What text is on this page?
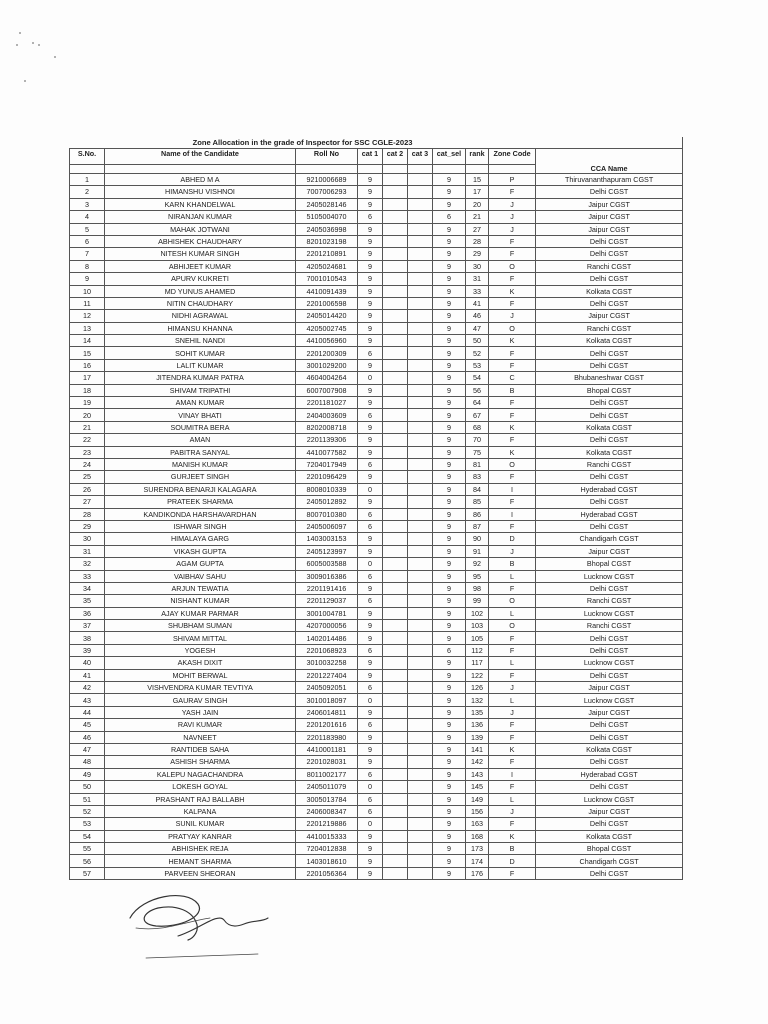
Zone Allocation in the grade of Inspector for SSC CGLE-2023									
S.No.	Name of the Candidate	Roll No	cat 1	cat 2	cat 3	cat_sel	rank	Zone Code	CCA Name

1	ABHED M A	9210006689	9			9	15	P	Thiruvananthapuram CGST
2	HIMANSHU VISHNOI	7007006293	9			9	17	F	Delhi CGST
3	KARN KHANDELWAL	2405028146	9			9	20	J	Jaipur CGST
4	NIRANJAN KUMAR	5105004070	6			6	21	J	Jaipur CGST
5	MAHAK JOTWANI	2405036998	9			9	27	J	Jaipur CGST
6	ABHISHEK CHAUDHARY	8201023198	9			9	28	F	Delhi CGST
7	NITESH KUMAR SINGH	2201210891	9			9	29	F	Delhi CGST
8	ABHIJEET KUMAR	4205024681	9			9	30	O	Ranchi CGST
9	APURV KUKRETI	7001010543	9			9	31	F	Delhi CGST
10	MD YUNUS AHAMED	4410091439	9			9	33	K	Kolkata CGST
11	NITIN CHAUDHARY	2201006598	9			9	41	F	Delhi CGST
12	NIDHI AGRAWAL	2405014420	9			9	46	J	Jaipur CGST
13	HIMANSU KHANNA	4205002745	9			9	47	O	Ranchi CGST
14	SNEHIL NANDI	4410056960	9			9	50	K	Kolkata CGST
15	SOHIT KUMAR	2201200309	6			9	52	F	Delhi CGST
16	LALIT KUMAR	3001029200	9			9	53	F	Delhi CGST
17	JITENDRA KUMAR PATRA	4604004264	0			9	54	C	Bhubaneshwar CGST
18	SHIVAM TRIPATHI	6007007908	9			9	56	B	Bhopal CGST
19	AMAN KUMAR	2201181027	9			9	64	F	Delhi CGST
20	VINAY BHATI	2404003609	6			9	67	F	Delhi CGST
21	SOUMITRA BERA	8202008718	9			9	68	K	Kolkata CGST
22	AMAN	2201139306	9			9	70	F	Delhi CGST
23	PABITRA SANYAL	4410077582	9			9	75	K	Kolkata CGST
24	MANISH KUMAR	7204017949	6			9	81	O	Ranchi CGST
25	GURJEET SINGH	2201096429	9			9	83	F	Delhi CGST
26	SURENDRA BENARJI KALAGARA	8008010339	0			9	84	I	Hyderabad CGST
27	PRATEEK SHARMA	2405012892	9			9	85	F	Delhi CGST
28	KANDIKONDA HARSHAVARDHAN	8007010380	6			9	86	I	Hyderabad CGST
29	ISHWAR SINGH	2405006097	6			9	87	F	Delhi CGST
30	HIMALAYA GARG	1403003153	9			9	90	D	Chandigarh CGST
31	VIKASH GUPTA	2405123997	9			9	91	J	Jaipur CGST
32	AGAM GUPTA	6005003588	0			9	92	B	Bhopal CGST
33	VAIBHAV SAHU	3009016386	6			9	95	L	Lucknow CGST
34	ARJUN TEWATIA	2201191416	9			9	98	F	Delhi CGST
35	NISHANT KUMAR	2201129037	6			9	99	O	Ranchi CGST
36	AJAY KUMAR PARMAR	3001004781	9			9	102	L	Lucknow CGST
37	SHUBHAM SUMAN	4207000056	9			9	103	O	Ranchi CGST
38	SHIVAM MITTAL	1402014486	9			9	105	F	Delhi CGST
39	YOGESH	2201068923	6			6	112	F	Delhi CGST
40	AKASH DIXIT	3010032258	9			9	117	L	Lucknow CGST
41	MOHIT BERWAL	2201227404	9			9	122	F	Delhi CGST
42	VISHVENDRA KUMAR TEVTIYA	2405092051	6			9	126	J	Jaipur CGST
43	GAURAV SINGH	3010018097	0			9	132	L	Lucknow CGST
44	YASH JAIN	2406014811	9			9	135	J	Jaipur CGST
45	RAVI KUMAR	2201201616	6			9	136	F	Delhi CGST
46	NAVNEET	2201183980	9			9	139	F	Delhi CGST
47	RANTIDEB SAHA	4410001181	9			9	141	K	Kolkata CGST
48	ASHISH SHARMA	2201028031	9			9	142	F	Delhi CGST
49	KALEPU NAGACHANDRA	8011002177	6			9	143	I	Hyderabad CGST
50	LOKESH GOYAL	2405011079	0			9	145	F	Delhi CGST
51	PRASHANT RAJ BALLABH	3005013784	6			9	149	L	Lucknow CGST
52	KALPANA	2406008347	6			9	156	J	Jaipur CGST
53	SUNIL KUMAR	2201219886	0			9	163	F	Delhi CGST
54	PRATYAY KANRAR	4410015333	9			9	168	K	Kolkata CGST
55	ABHISHEK REJA	7204012838	9			9	173	B	Bhopal CGST
56	HEMANT SHARMA	1403018610	9			9	174	D	Chandigarh CGST
57	PARVEEN SHEORAN	2201056364	9			9	176	F	Delhi CGST
